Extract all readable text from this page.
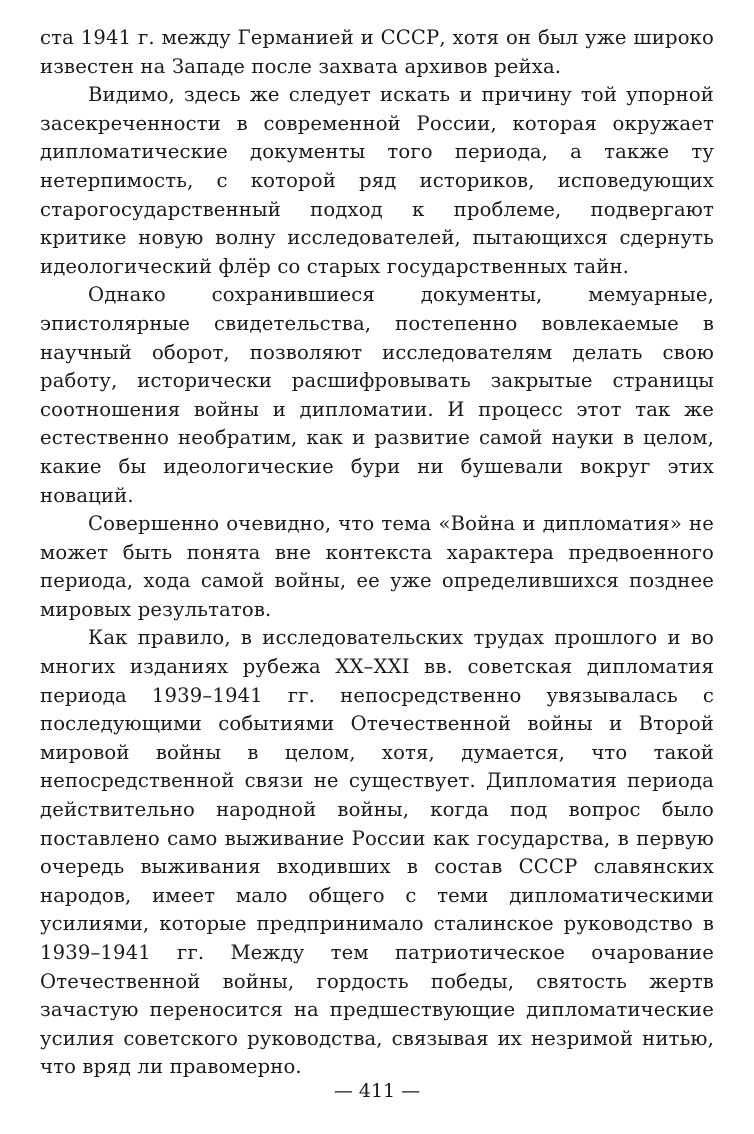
ста 1941 г. между Германией и СССР, хотя он был уже широко известен на Западе после захвата архивов рейха.

Видимо, здесь же следует искать и причину той упорной засекреченности в современной России, которая окружает дипломатические документы того периода, а также ту нетерпимость, с которой ряд историков, исповедующих старогосударственный подход к проблеме, подвергают критике новую волну исследователей, пытающихся сдернуть идеологический флёр со старых государственных тайн.

Однако сохранившиеся документы, мемуарные, эпистолярные свидетельства, постепенно вовлекаемые в научный оборот, позволяют исследователям делать свою работу, исторически расшифровывать закрытые страницы соотношения войны и дипломатии. И процесс этот так же естественно необратим, как и развитие самой науки в целом, какие бы идеологические бури ни бушевали вокруг этих новаций.

Совершенно очевидно, что тема «Война и дипломатия» не может быть понята вне контекста характера предвоенного периода, хода самой войны, ее уже определившихся позднее мировых результатов.

Как правило, в исследовательских трудах прошлого и во многих изданиях рубежа XX–XXI вв. советская дипломатия периода 1939–1941 гг. непосредственно увязывалась с последующими событиями Отечественной войны и Второй мировой войны в целом, хотя, думается, что такой непосредственной связи не существует. Дипломатия периода действительно народной войны, когда под вопрос было поставлено само выживание России как государства, в первую очередь выживания входивших в состав СССР славянских народов, имеет мало общего с теми дипломатическими усилиями, которые предпринимало сталинское руководство в 1939–1941 гг. Между тем патриотическое очарование Отечественной войны, гордость победы, святость жертв зачастую переносится на предшествующие дипломатические усилия советского руководства, связывая их незримой нитью, что вряд ли правомерно.

— 411 —
